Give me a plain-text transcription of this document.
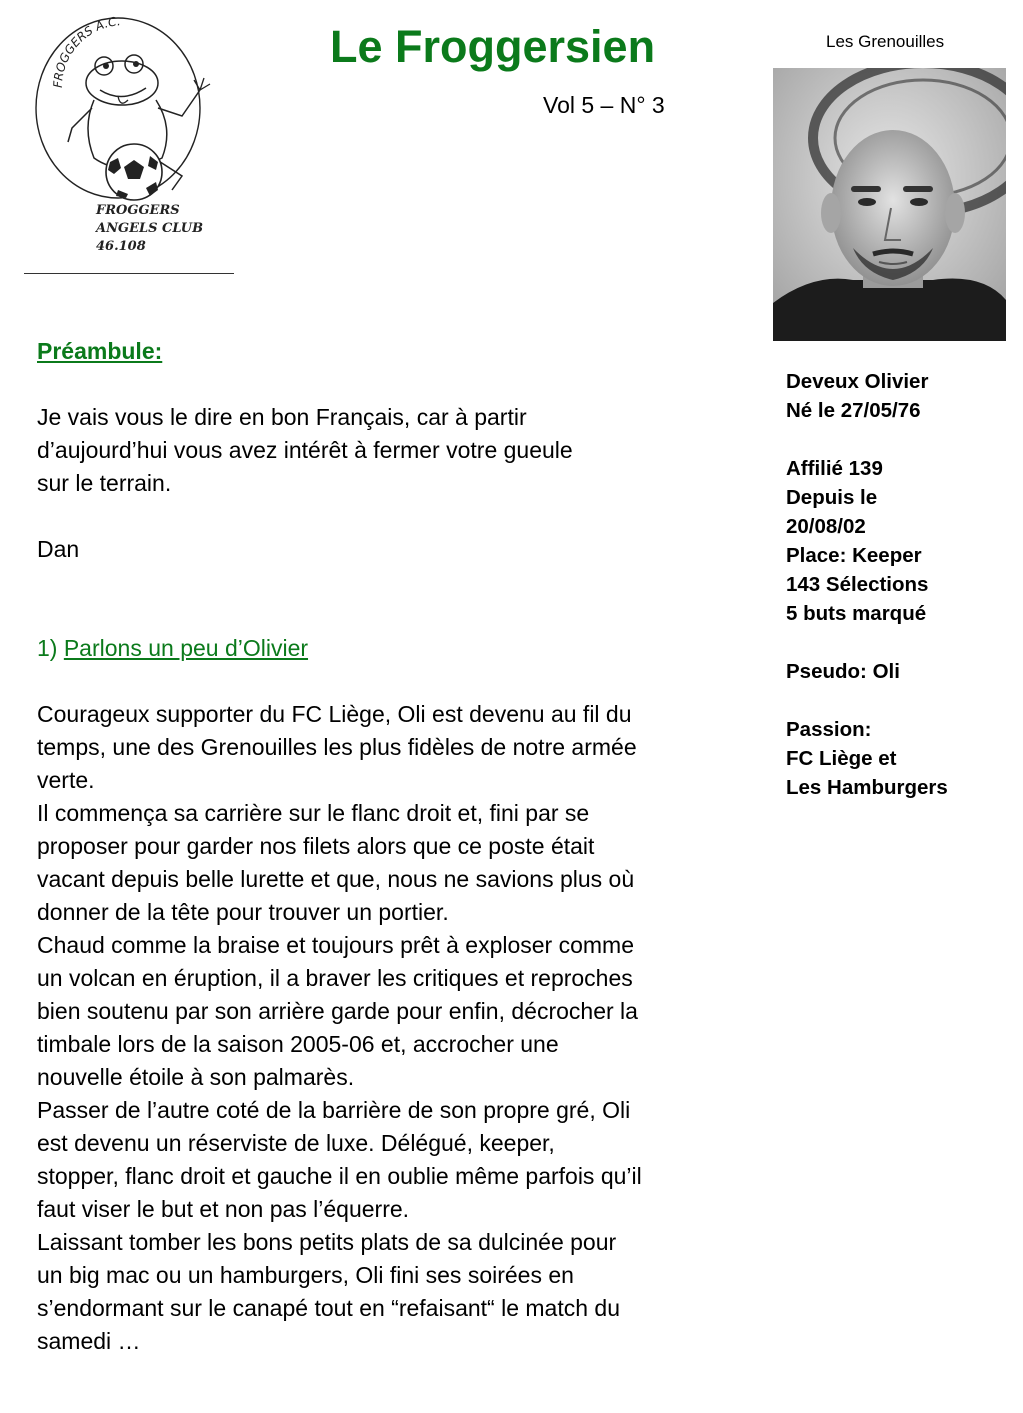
FROGGERS A.C.
FROGGERS
ANGELS CLUB
46.108
Le Froggersien
Vol 5 – N° 3
Les Grenouilles
Deveux Olivier
Né le 27/05/76
Affilié 139
Depuis le
20/08/02
Place: Keeper
143 Sélections
5 buts marqué
Pseudo: Oli
Passion:
FC Liège et
Les Hamburgers

Préambule:

Je vais vous le dire en bon Français, car à partir

d’aujourd’hui vous avez intérêt à fermer votre gueule

sur le terrain.

Dan

1) Parlons un peu d’Olivier

Courageux supporter du FC Liège, Oli est devenu au fil du

temps, une des Grenouilles les plus fidèles de notre armée

verte.

Il commença sa carrière sur le flanc droit et, fini par se

proposer pour garder nos filets alors que ce poste était

vacant depuis belle lurette et que, nous ne savions plus où

donner de la tête pour trouver un portier.

Chaud comme la braise et toujours prêt à exploser comme

un volcan en éruption, il a braver les critiques et reproches

bien soutenu par son arrière garde pour enfin, décrocher la

timbale lors de la saison 2005-06 et, accrocher une

nouvelle étoile à son palmarès.

Passer de l’autre coté de la barrière de son propre gré, Oli

est devenu un réserviste de luxe. Délégué, keeper,

stopper, flanc droit et gauche il en oublie même parfois qu’il

faut viser le but et non pas l’équerre.

Laissant tomber les bons petits plats de sa dulcinée pour

un big mac ou un hamburgers, Oli fini ses soirées en

s’endormant sur le canapé tout en “refaisant“ le match du

samedi …
